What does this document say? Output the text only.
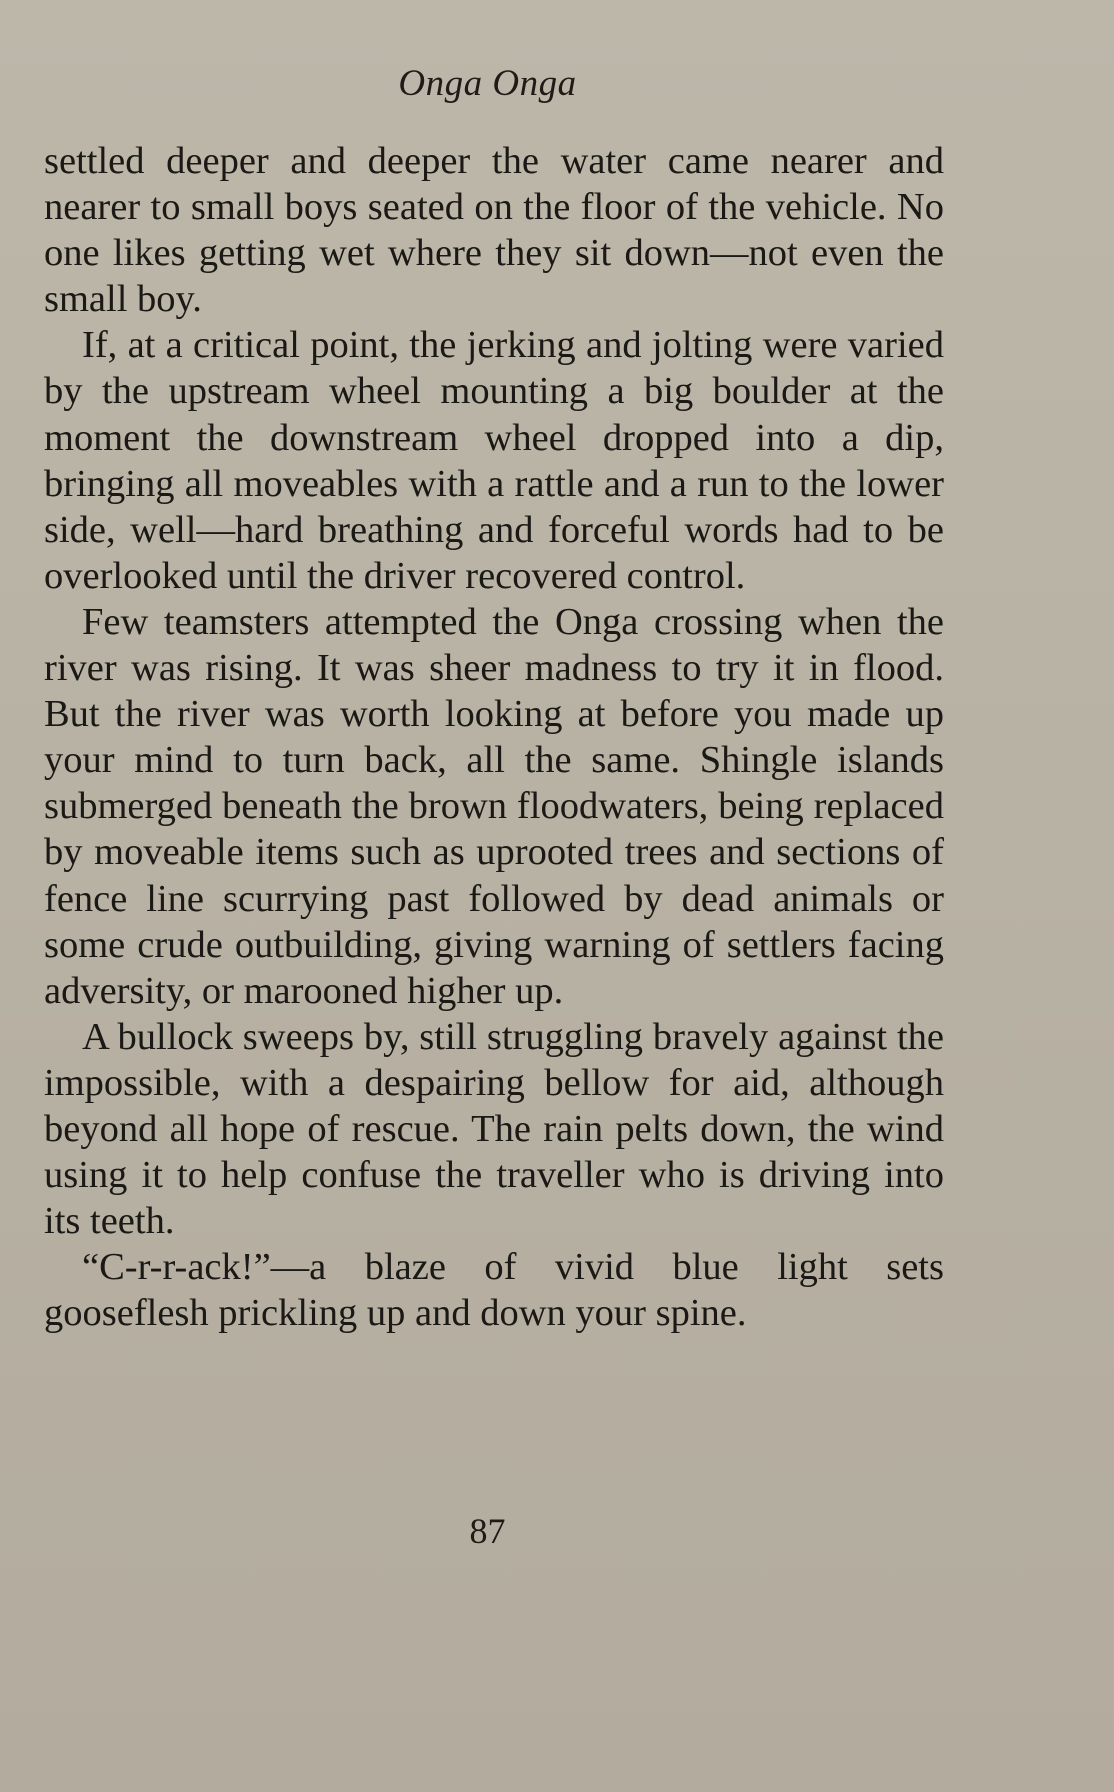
Onga Onga

settled deeper and deeper the water came nearer and nearer to small boys seated on the floor of the vehicle. No one likes getting wet where they sit down—not even the small boy.

If, at a critical point, the jerking and jolting were varied by the upstream wheel mounting a big boulder at the moment the downstream wheel dropped into a dip, bringing all moveables with a rattle and a run to the lower side, well—hard breathing and forceful words had to be overlooked until the driver recovered control.

Few teamsters attempted the Onga crossing when the river was rising. It was sheer madness to try it in flood. But the river was worth looking at before you made up your mind to turn back, all the same. Shingle islands submerged beneath the brown floodwaters, being replaced by moveable items such as uprooted trees and sections of fence line scurrying past followed by dead animals or some crude outbuilding, giving warning of settlers facing adversity, or marooned higher up.

A bullock sweeps by, still struggling bravely against the impossible, with a despairing bellow for aid, although beyond all hope of rescue. The rain pelts down, the wind using it to help confuse the traveller who is driving into its teeth.

“C-r-r-ack!”—a blaze of vivid blue light sets gooseflesh prickling up and down your spine.

87
